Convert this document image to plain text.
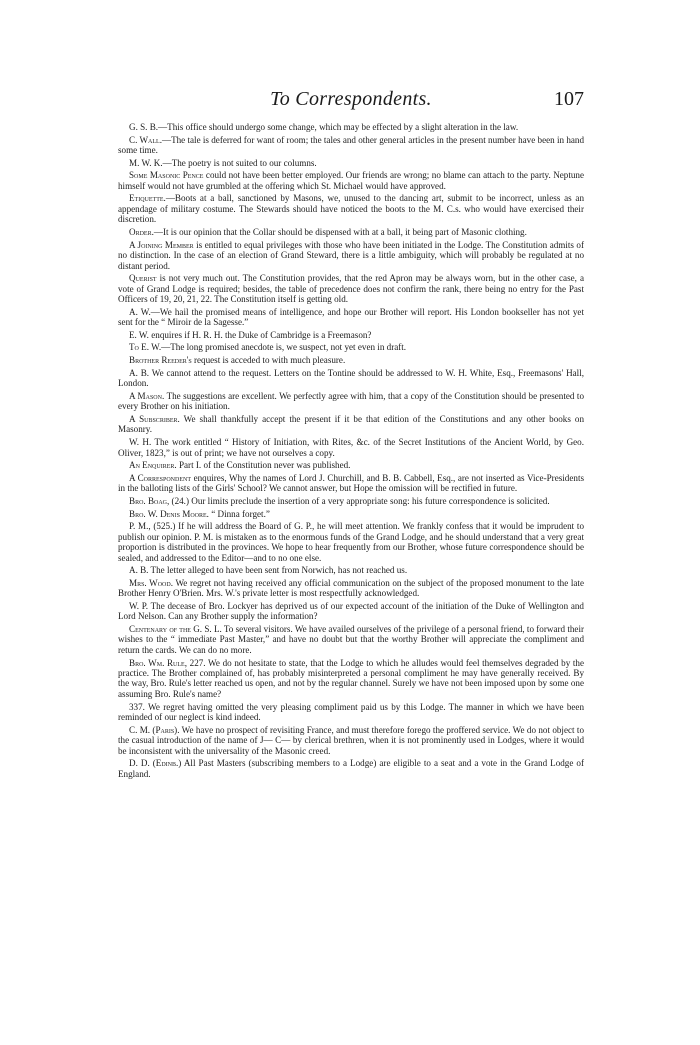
To Correspondents.	107

G. S. B.—This office should undergo some change, which may be effected by a slight alteration in the law.

C. Wall.—The tale is deferred for want of room; the tales and other general articles in the present number have been in hand some time.

M. W. K.—The poetry is not suited to our columns.

Some Masonic Pence could not have been better employed. Our friends are wrong; no blame can attach to the party. Neptune himself would not have grumbled at the offering which St. Michael would have approved.

Etiquette.—Boots at a ball, sanctioned by Masons, we, unused to the dancing art, submit to be incorrect, unless as an appendage of military costume. The Stewards should have noticed the boots to the M. C.s. who would have exercised their discretion.

Order.—It is our opinion that the Collar should be dispensed with at a ball, it being part of Masonic clothing.

A Joining Member is entitled to equal privileges with those who have been initiated in the Lodge. The Constitution admits of no distinction. In the case of an election of Grand Steward, there is a little ambiguity, which will probably be regulated at no distant period.

Querist is not very much out. The Constitution provides, that the red Apron may be always worn, but in the other case, a vote of Grand Lodge is required; besides, the table of precedence does not confirm the rank, there being no entry for the Past Officers of 19, 20, 21, 22. The Constitution itself is getting old.

A. W.—We hail the promised means of intelligence, and hope our Brother will report. His London bookseller has not yet sent for the “ Miroir de la Sagesse.”

E. W. enquires if H. R. H. the Duke of Cambridge is a Freemason?

To E. W.—The long promised anecdote is, we suspect, not yet even in draft.

Brother Reeder's request is acceded to with much pleasure.

A. B. We cannot attend to the request. Letters on the Tontine should be addressed to W. H. White, Esq., Freemasons' Hall, London.

A Mason. The suggestions are excellent. We perfectly agree with him, that a copy of the Constitution should be presented to every Brother on his initiation.

A Subscriber. We shall thankfully accept the present if it be that edition of the Constitutions and any other books on Masonry.

W. H. The work entitled “ History of Initiation, with Rites, &c. of the Secret Institutions of the Ancient World, by Geo. Oliver, 1823,” is out of print; we have not ourselves a copy.

An Enquirer. Part I. of the Constitution never was published.

A Correspondent enquires, Why the names of Lord J. Churchill, and B. B. Cabbell, Esq., are not inserted as Vice-Presidents in the balloting lists of the Girls' School? We cannot answer, but Hope the omission will be rectified in future.

Bro. Boag, (24.) Our limits preclude the insertion of a very appropriate song: his future correspondence is solicited.

Bro. W. Denis Moore. “ Dinna forget.”

P. M., (525.) If he will address the Board of G. P., he will meet attention. We frankly confess that it would be imprudent to publish our opinion. P. M. is mistaken as to the enormous funds of the Grand Lodge, and he should understand that a very great proportion is distributed in the provinces. We hope to hear frequently from our Brother, whose future correspondence should be sealed, and addressed to the Editor—and to no one else.

A. B. The letter alleged to have been sent from Norwich, has not reached us.

Mrs. Wood. We regret not having received any official communication on the subject of the proposed monument to the late Brother Henry O'Brien. Mrs. W.'s private letter is most respectfully acknowledged.

W. P. The decease of Bro. Lockyer has deprived us of our expected account of the initiation of the Duke of Wellington and Lord Nelson. Can any Brother supply the information?

Centenary of the G. S. L. To several visitors. We have availed ourselves of the privilege of a personal friend, to forward their wishes to the “ immediate Past Master,” and have no doubt but that the worthy Brother will appreciate the compliment and return the cards. We can do no more.

Bro. Wm. Rule, 227. We do not hesitate to state, that the Lodge to which he alludes would feel themselves degraded by the practice. The Brother complained of, has probably misinterpreted a personal compliment he may have generally received. By the way, Bro. Rule's letter reached us open, and not by the regular channel. Surely we have not been imposed upon by some one assuming Bro. Rule's name?

337. We regret having omitted the very pleasing compliment paid us by this Lodge. The manner in which we have been reminded of our neglect is kind indeed.

C. M. (Paris). We have no prospect of revisiting France, and must therefore forego the proffered service. We do not object to the casual introduction of the name of J— C— by clerical brethren, when it is not prominently used in Lodges, where it would be inconsistent with the universality of the Masonic creed.

D. D. (Edinb.) All Past Masters (subscribing members to a Lodge) are eligible to a seat and a vote in the Grand Lodge of England.
